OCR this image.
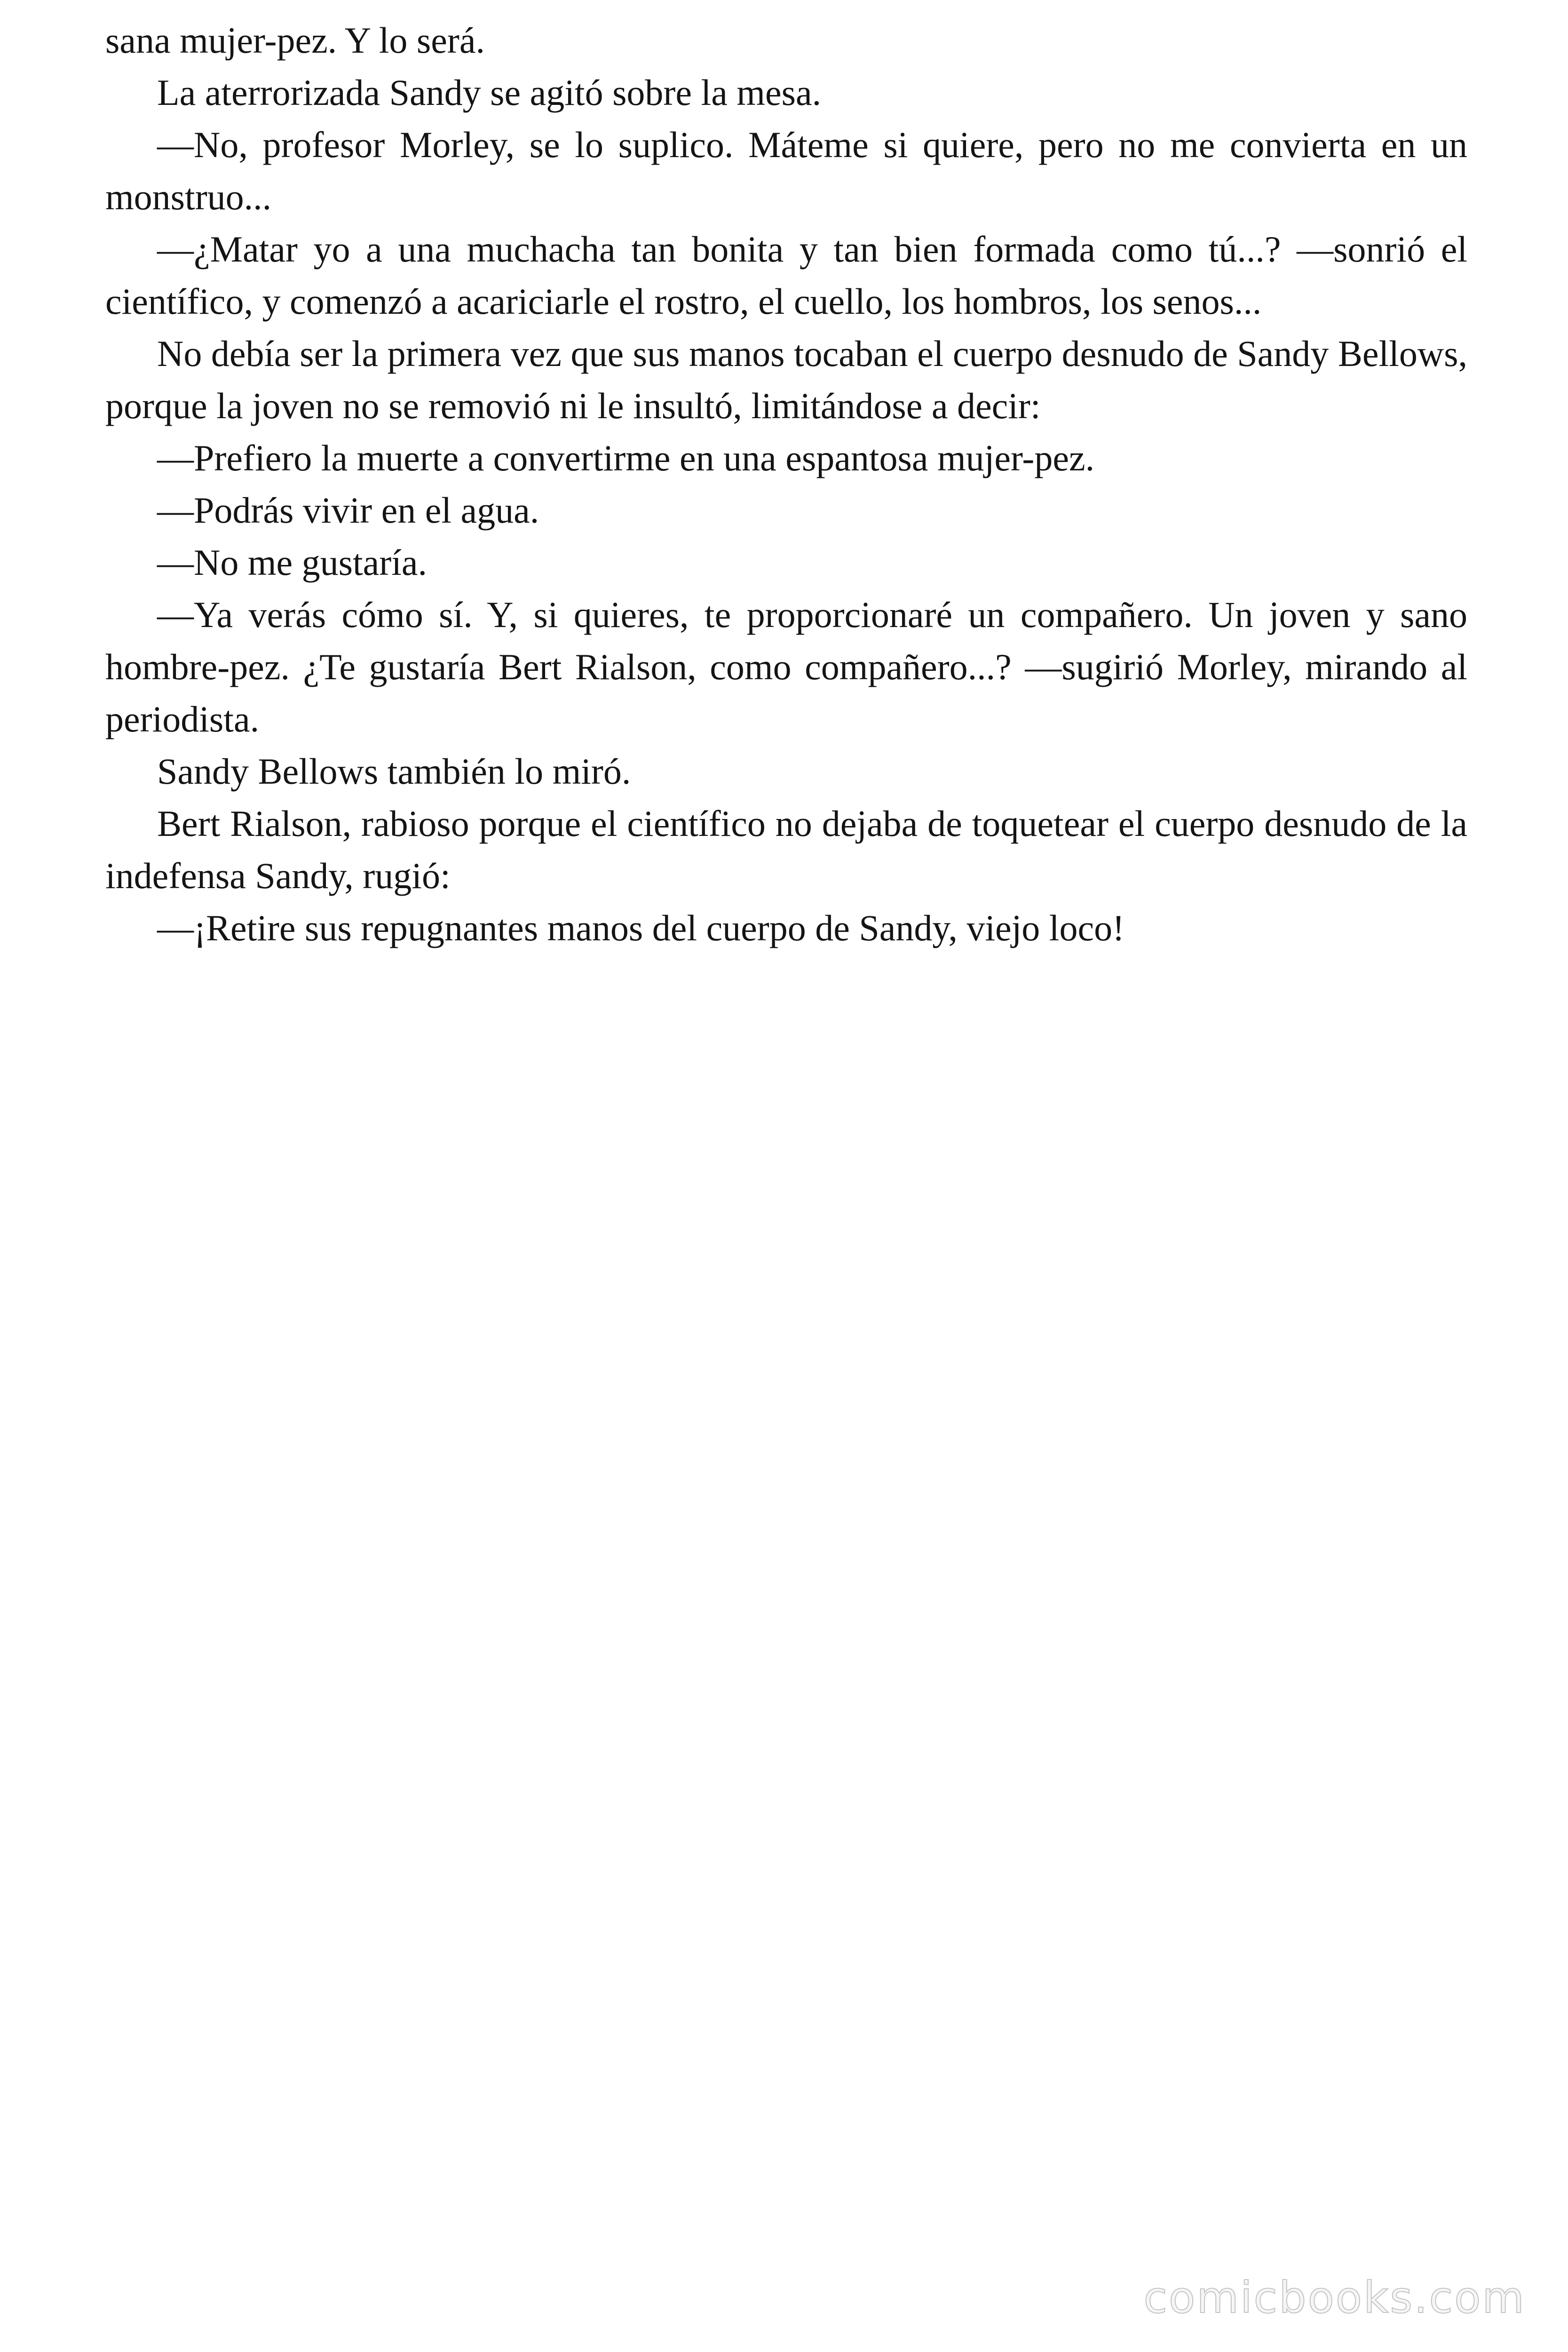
sana mujer-pez. Y lo será.

La aterrorizada Sandy se agitó sobre la mesa.

—No, profesor Morley, se lo suplico. Máteme si quiere, pero no me convierta en un monstruo...

—¿Matar yo a una muchacha tan bonita y tan bien formada como tú...? —sonrió el científico, y comenzó a acariciarle el rostro, el cuello, los hombros, los senos...

No debía ser la primera vez que sus manos tocaban el cuerpo desnudo de Sandy Bellows, porque la joven no se removió ni le insultó, limitándose a decir:

—Prefiero la muerte a convertirme en una espantosa mujer-pez.

—Podrás vivir en el agua.

—No me gustaría.

—Ya verás cómo sí. Y, si quieres, te proporcionaré un compañero. Un joven y sano hombre-pez. ¿Te gustaría Bert Rialson, como compañero...? —sugirió Morley, mirando al periodista.

Sandy Bellows también lo miró.

Bert Rialson, rabioso porque el científico no dejaba de toquetear el cuerpo desnudo de la indefensa Sandy, rugió:

—¡Retire sus repugnantes manos del cuerpo de Sandy, viejo loco!

comicbooks.com
